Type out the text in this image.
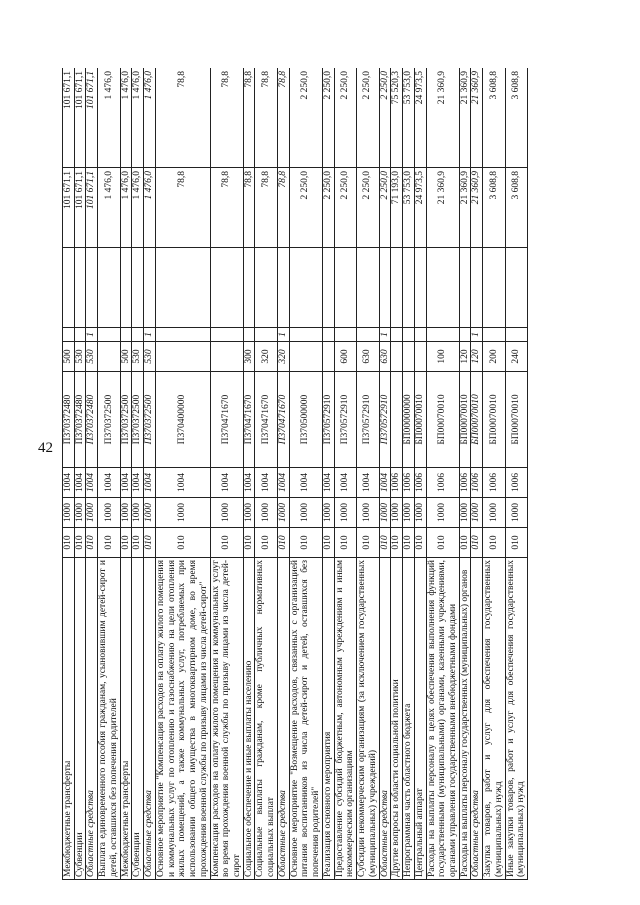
42
Межбюджетные трансферты	010	1000	1004	П370372480	500			101 671,1	101 671,1
Субвенции	010	1000	1004	П370372480	530			101 671,1	101 671,1
Областные средства	010	1000	1004	П370372480	530	1		101 671,1	101 671,1
Выплата единовременного пособия гражданам, усыновившим детей-сирот и детей, оставшихся без попечения родителей	010	1000	1004	П370372500				1 476,0	1 476,0
Межбюджетные трансферты	010	1000	1004	П370372500	500			1 476,0	1 476,0
Субвенции	010	1000	1004	П370372500	530			1 476,0	1 476,0
Областные средства	010	1000	1004	П370372500	530	1		1 476,0	1 476,0
Основное мероприятие "Компенсация расходов на оплату жилого помещения и коммунальных услуг по отоплению и газоснабжению на цели отопления жилых помещений, а также коммунальных услуг, потребляемых при использовании общего имущества в многоквартирном доме, во время прохождения военной службы по призыву лицами из числа детей-сирот"	010	1000	1004	П370400000				78,8	78,8
Компенсация расходов на оплату жилого помещения и коммунальных услуг во время прохождения военной службы по призыву лицами из числа детей-сирот	010	1000	1004	П370471670				78,8	78,8
Социальное обеспечение и иные выплаты населению	010	1000	1004	П370471670	300			78,8	78,8
Социальные выплаты гражданам, кроме публичных нормативных социальных выплат	010	1000	1004	П370471670	320			78,8	78,8
Областные средства	010	1000	1004	П370471670	320	1		78,8	78,8
Основное мероприятие "Возмещение расходов, связанных с организацией питания воспитанников из числа детей-сирот и детей, оставшихся без попечения родителей"	010	1000	1004	П370500000				2 250,0	2 250,0
Реализация основного мероприятия	010	1000	1004	П370572910				2 250,0	2 250,0
Предоставление субсидий бюджетным, автономным учреждениям и иным некоммерческим организациям	010	1000	1004	П370572910	600			2 250,0	2 250,0
Субсидии некоммерческим организациям (за исключением государственных (муниципальных) учреждений)	010	1000	1004	П370572910	630			2 250,0	2 250,0
Областные средства	010	1000	1004	П370572910	630	1		2 250,0	2 250,0
Другие вопросы в области социальной политики	010	1000	1006					71 193,0	75 520,3
Непрограммная часть областного бюджета	010	1000	1006	БП00000000				53 753,0	53 753,0
Центральный аппарат	010	1000	1006	БП00070010				24 973,5	24 973,5
Расходы на выплаты персоналу в целях обеспечения выполнения функций государственными (муниципальными) органами, казенными учреждениями, органами управления государственными внебюджетными фондами	010	1000	1006	БП00070010	100			21 360,9	21 360,9
Расходы на выплаты персоналу государственных (муниципальных) органов	010	1000	1006	БП00070010	120			21 360,9	21 360,9
Областные средства	010	1000	1006	БП00070010	120	1		21 360,9	21 360,9
Закупка товаров, работ и услуг для обеспечения государственных (муниципальных) нужд	010	1000	1006	БП00070010	200			3 608,8	3 608,8
Иные закупки товаров, работ и услуг для обеспечения государственных (муниципальных) нужд	010	1000	1006	БП00070010	240			3 608,8	3 608,8
